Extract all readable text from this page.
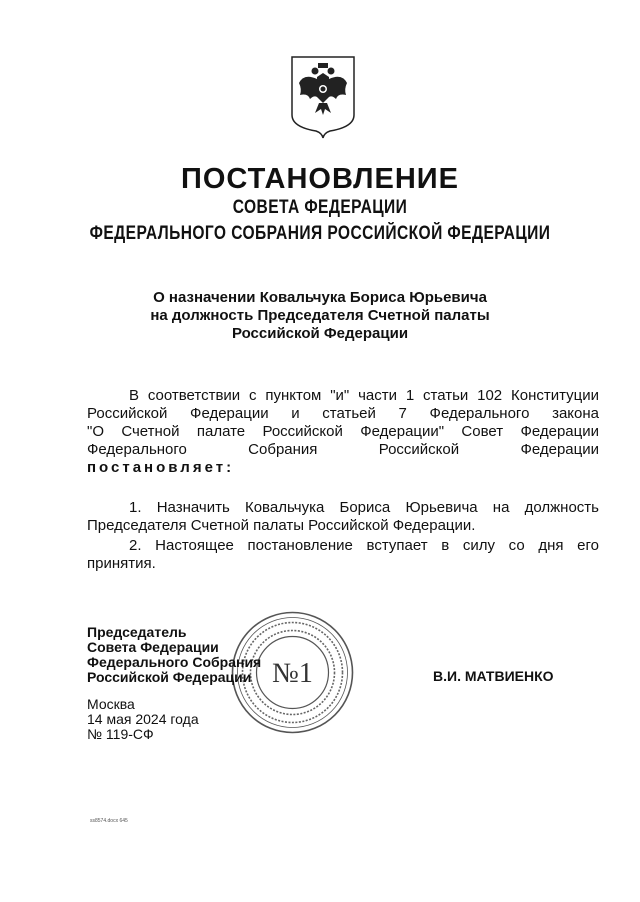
ПОСТАНОВЛЕНИЕ
СОВЕТА ФЕДЕРАЦИИ
ФЕДЕРАЛЬНОГО СОБРАНИЯ РОССИЙСКОЙ ФЕДЕРАЦИИ
О назначении Ковальчука Бориса Юрьевича
на должность Председателя Счетной палаты
Российской Федерации
В соответствии с пунктом "и" части 1 статьи 102 Конституции
Российской Федерации и статьей 7 Федерального закона
"О Счетной палате Российской Федерации" Совет Федерации
Федерального Собрания Российской Федерации
постановляет:
1. Назначить Ковальчука Бориса Юрьевича на должность
Председателя Счетной палаты Российской Федерации.
2. Настоящее постановление вступает в силу со дня его
принятия.
№1
Председатель
Совета Федерации
Федерального Собрания
Российской Федерации	В.И. МАТВИЕНКО
Москва
14 мая 2024 года
№ 119-СФ
ss8574.docx 645
